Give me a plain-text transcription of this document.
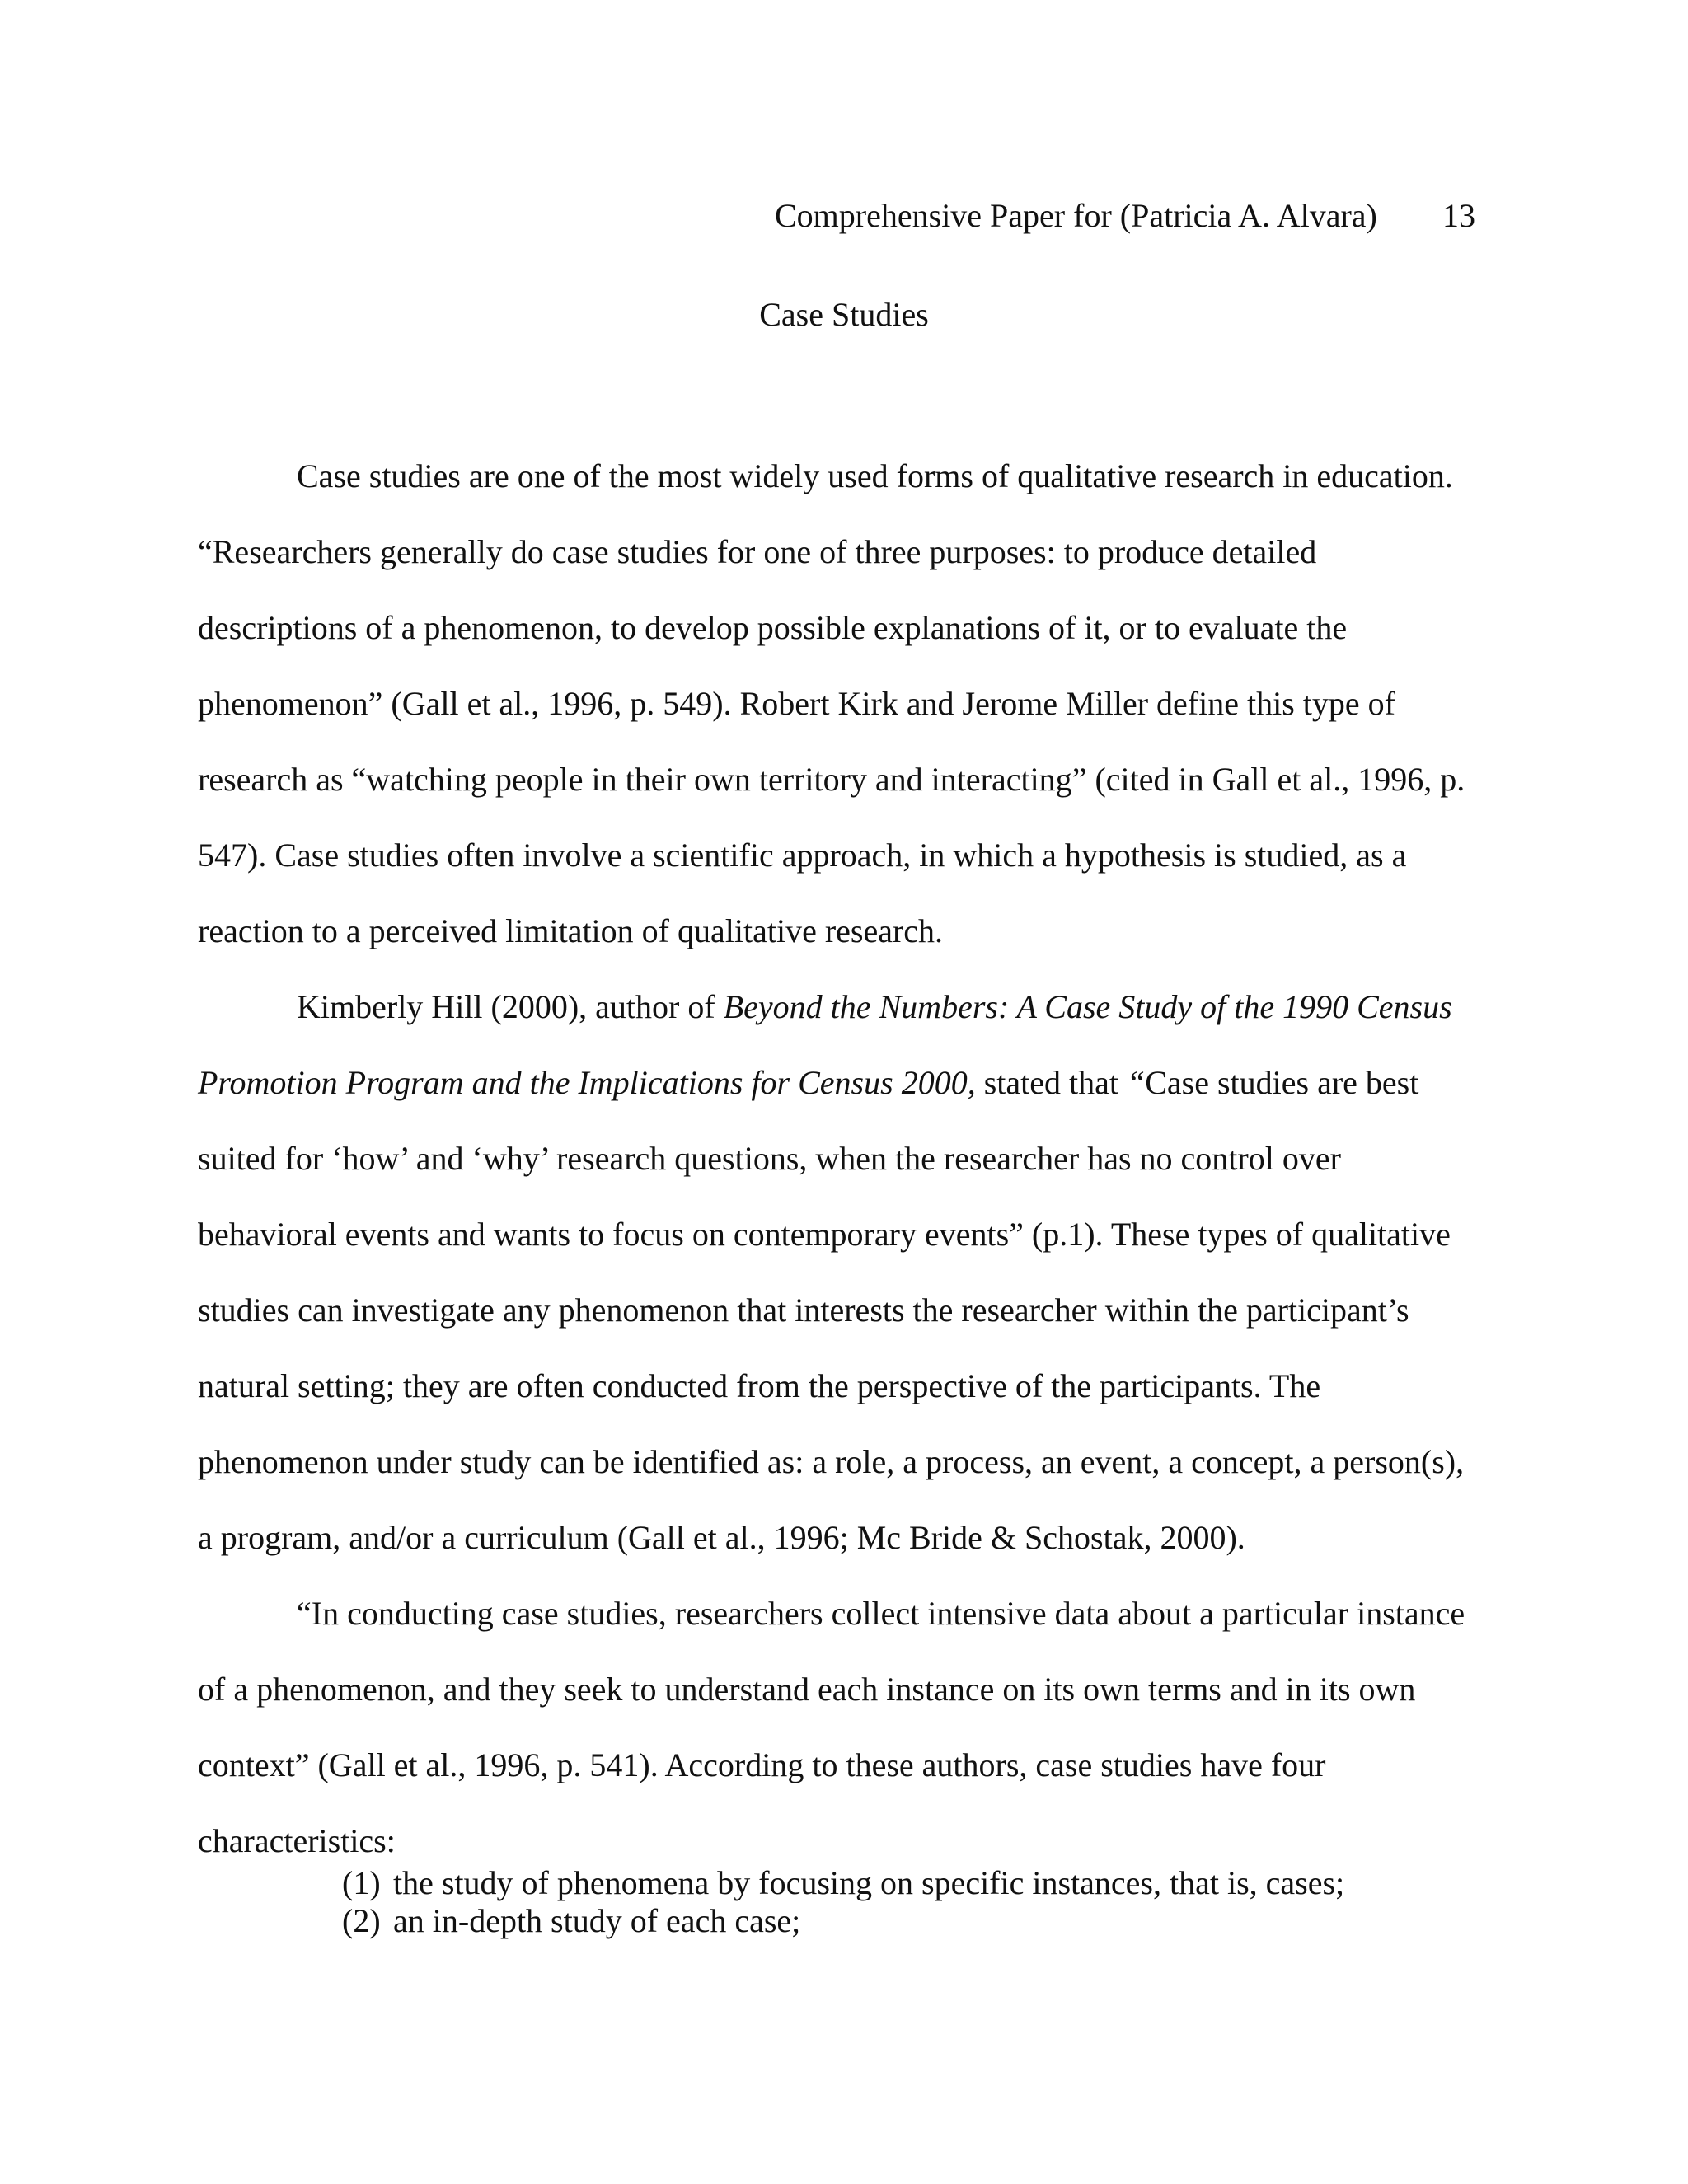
Comprehensive Paper for (Patricia A. Alvara) 13
Case Studies

Case studies are one of the most widely used forms of qualitative research in education. “Researchers generally do case studies for one of three purposes: to produce detailed descriptions of a phenomenon, to develop possible explanations of it, or to evaluate the phenomenon” (Gall et al., 1996, p. 549). Robert Kirk and Jerome Miller define this type of research as “watching people in their own territory and interacting” (cited in Gall et al., 1996, p. 547). Case studies often involve a scientific approach, in which a hypothesis is studied, as a reaction to a perceived limitation of qualitative research.

Kimberly Hill (2000), author of Beyond the Numbers: A Case Study of the 1990 Census Promotion Program and the Implications for Census 2000, stated that “Case studies are best suited for ‘how’ and ‘why’ research questions, when the researcher has no control over behavioral events and wants to focus on contemporary events” (p.1). These types of qualitative studies can investigate any phenomenon that interests the researcher within the participant’s natural setting; they are often conducted from the perspective of the participants. The phenomenon under study can be identified as: a role, a process, an event, a concept, a person(s), a program, and/or a curriculum (Gall et al., 1996; Mc Bride & Schostak, 2000).

“In conducting case studies, researchers collect intensive data about a particular instance of a phenomenon, and they seek to understand each instance on its own terms and in its own context” (Gall et al., 1996, p. 541). According to these authors, case studies have four characteristics:

(1) the study of phenomena by focusing on specific instances, that is, cases;
(2) an in-depth study of each case;
